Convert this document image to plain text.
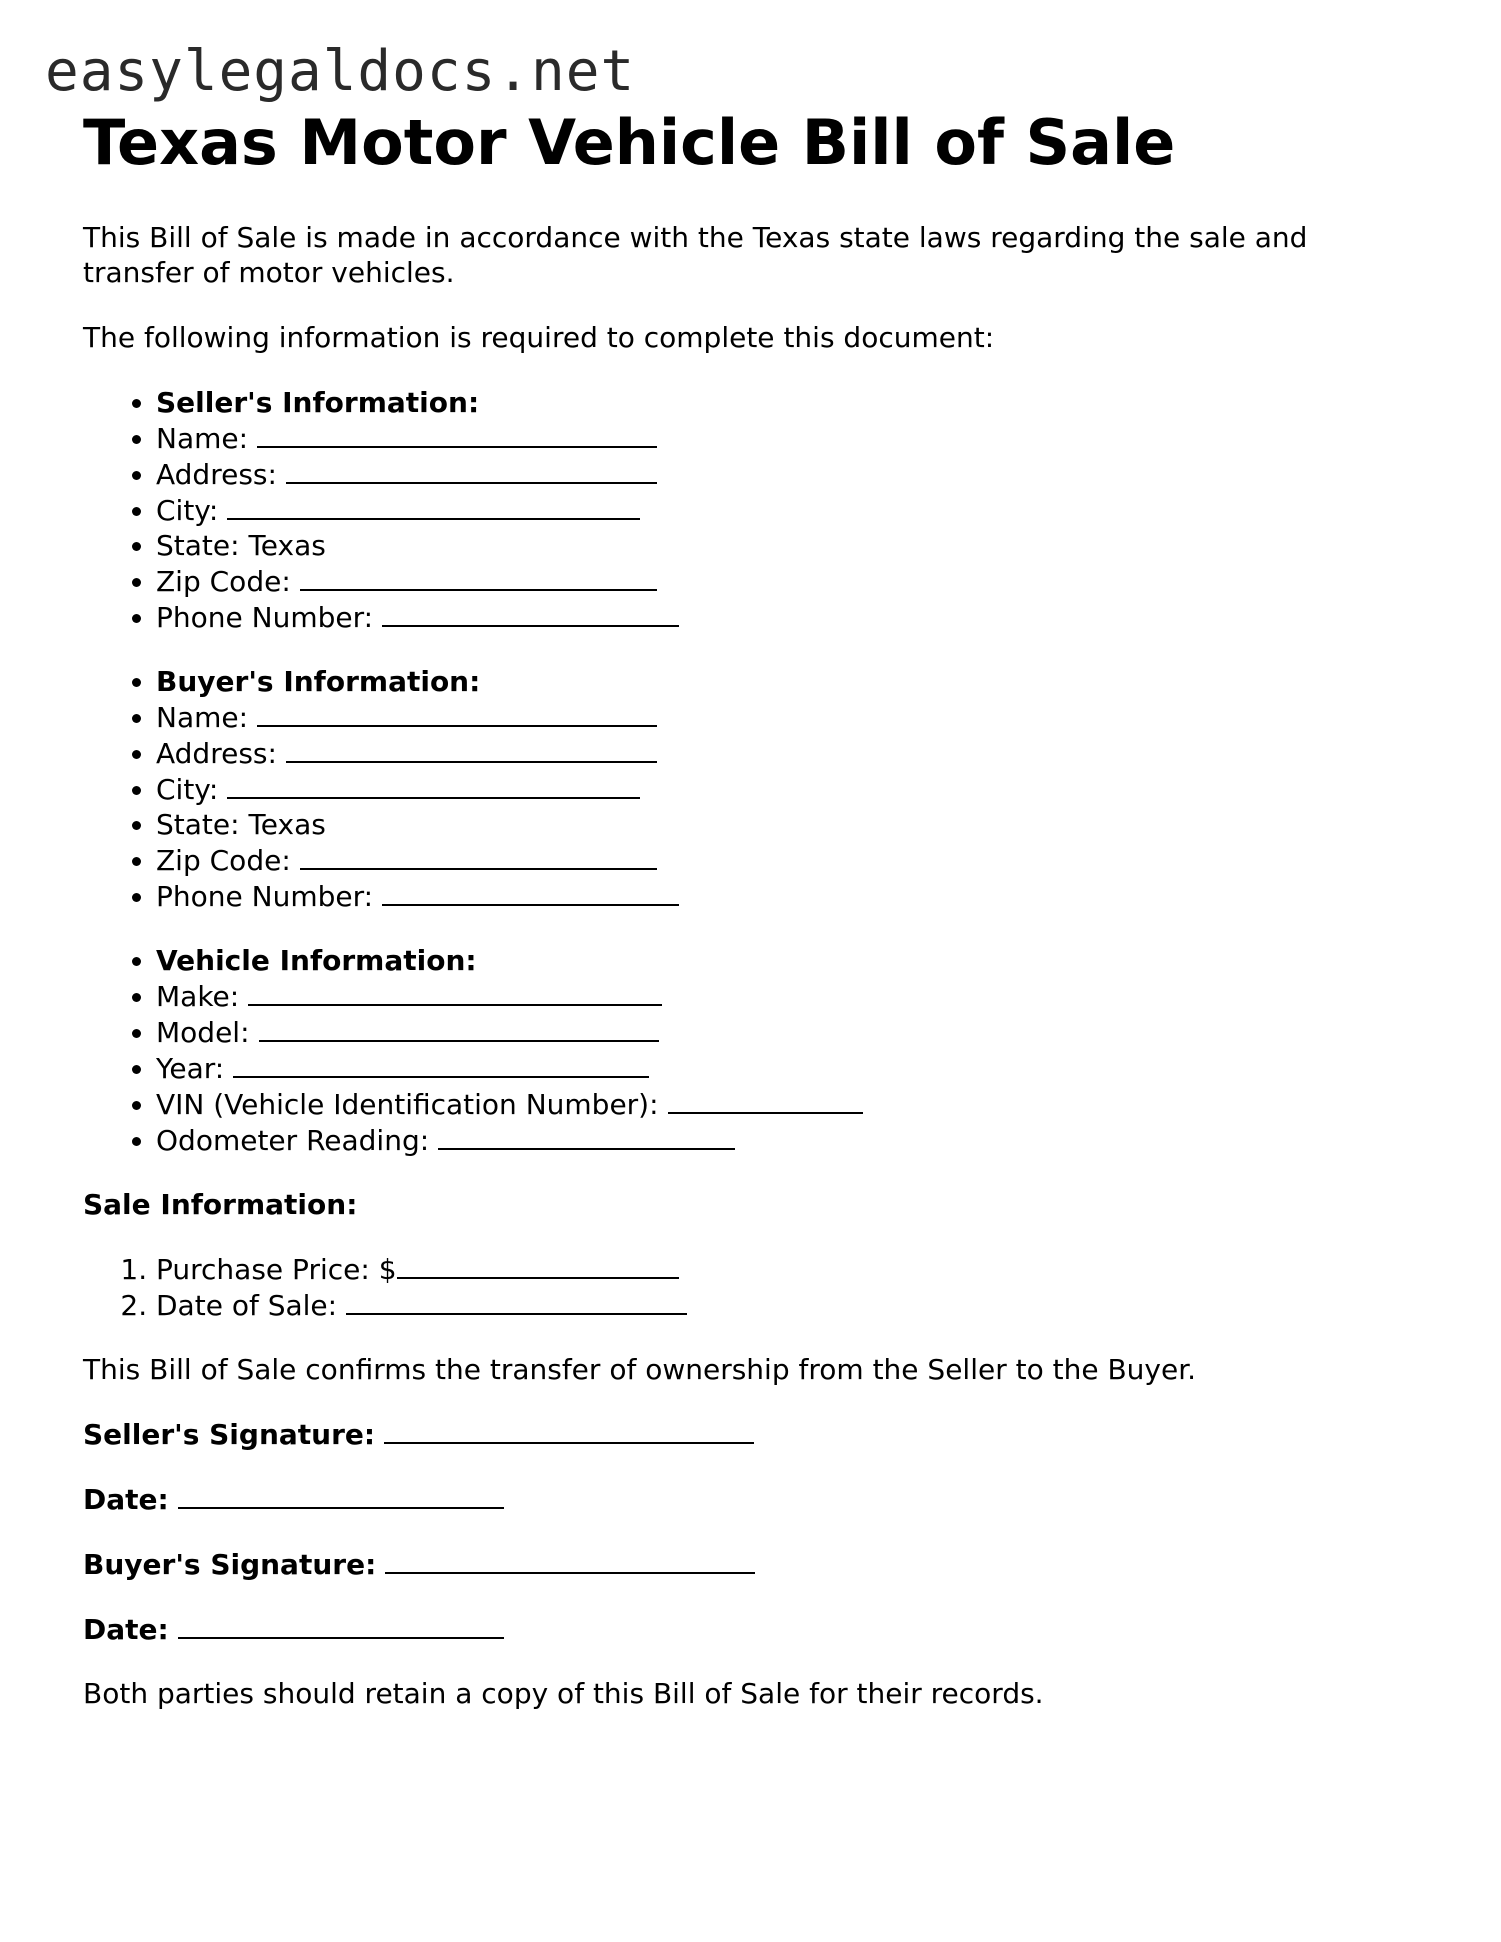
easylegaldocs.net
Texas Motor Vehicle Bill of Sale

This Bill of Sale is made in accordance with the Texas state laws regarding the sale and transfer of motor vehicles.

The following information is required to complete this document:

• Seller's Information:
• Name:
• Address:
• City:
• State: Texas
• Zip Code:
• Phone Number:
• Buyer's Information:
• Name:
• Address:
• City:
• State: Texas
• Zip Code:
• Phone Number:
• Vehicle Information:
• Make:
• Model:
• Year:
• VIN (Vehicle Identification Number):
• Odometer Reading:

Sale Information:

1. Purchase Price: $
2. Date of Sale:

This Bill of Sale confirms the transfer of ownership from the Seller to the Buyer.

Seller's Signature:

Date:

Buyer's Signature:

Date:

Both parties should retain a copy of this Bill of Sale for their records.
